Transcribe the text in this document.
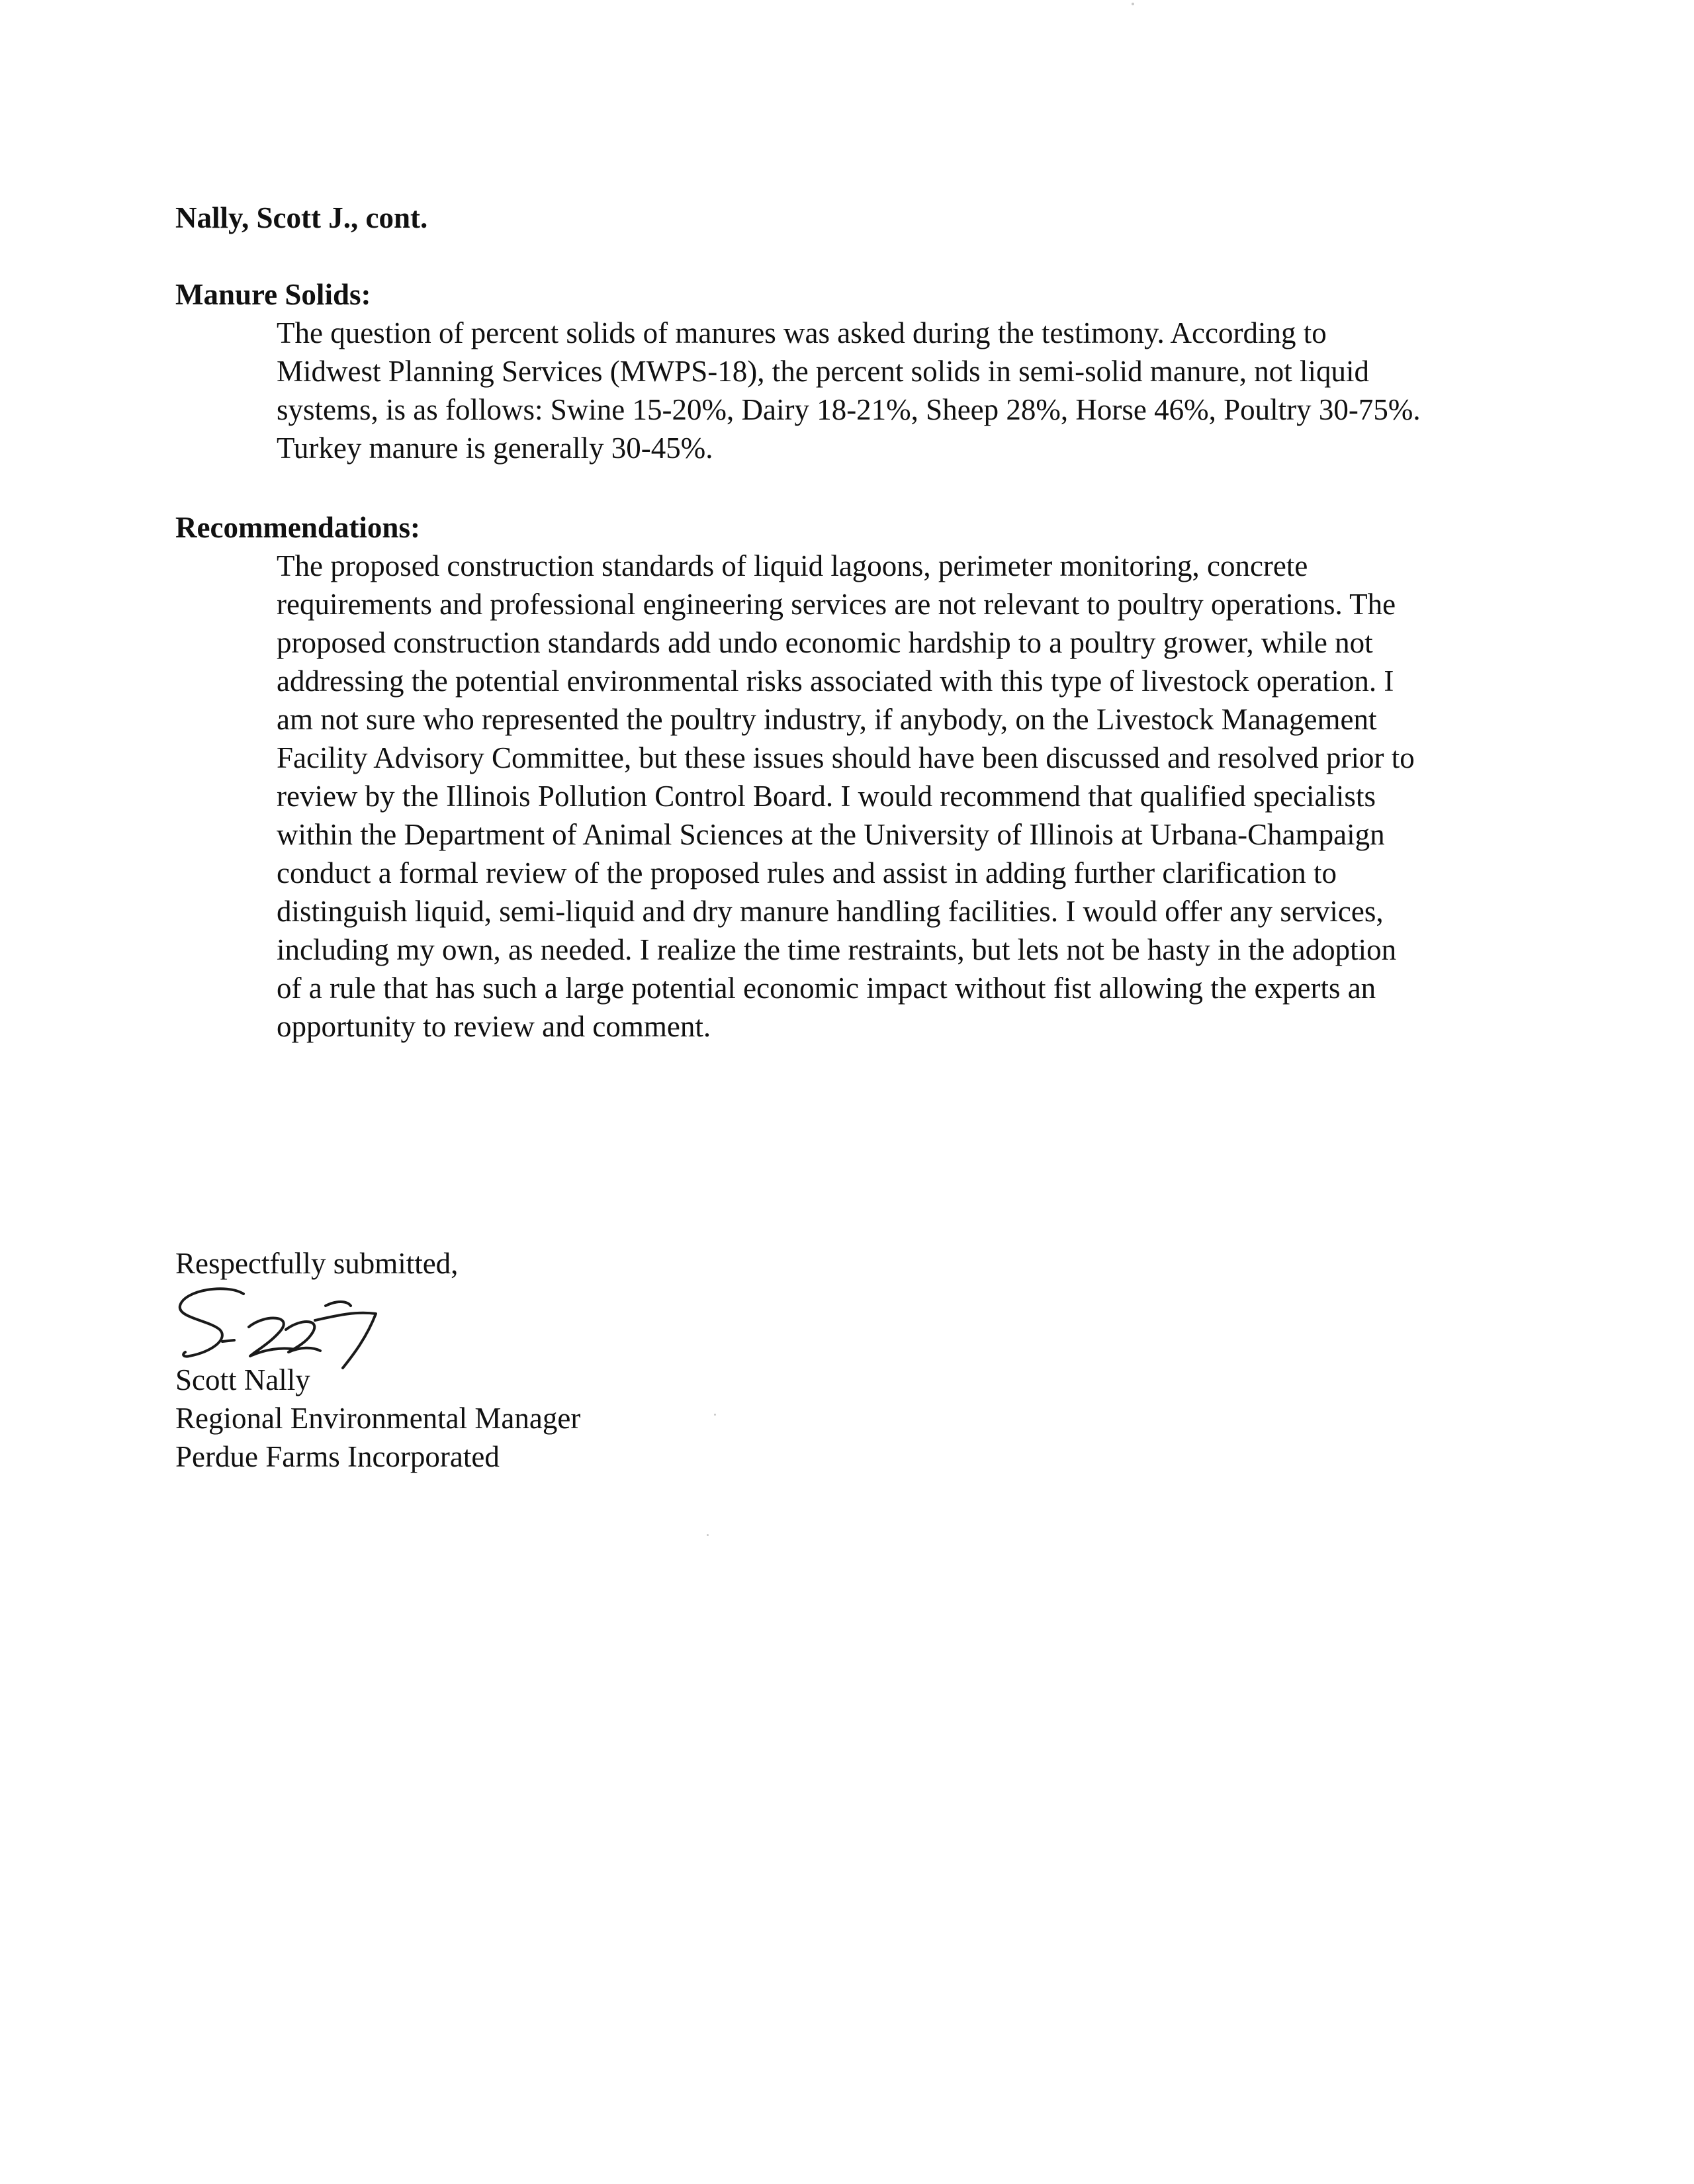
Nally, Scott J., cont.
Manure Solids:
The question of percent solids of manures was asked during the testimony. According to
Midwest Planning Services (MWPS-18), the percent solids in semi-solid manure, not liquid
systems, is as follows: Swine 15-20%, Dairy 18-21%, Sheep 28%, Horse 46%, Poultry 30-75%.
Turkey manure is generally 30-45%.
Recommendations:
The proposed construction standards of liquid lagoons, perimeter monitoring, concrete
requirements and professional engineering services are not relevant to poultry operations. The
proposed construction standards add undo economic hardship to a poultry grower, while not
addressing the potential environmental risks associated with this type of livestock operation. I
am not sure who represented the poultry industry, if anybody, on the Livestock Management
Facility Advisory Committee, but these issues should have been discussed and resolved prior to
review by the Illinois Pollution Control Board. I would recommend that qualified specialists
within the Department of Animal Sciences at the University of Illinois at Urbana-Champaign
conduct a formal review of the proposed rules and assist in adding further clarification to
distinguish liquid, semi-liquid and dry manure handling facilities. I would offer any services,
including my own, as needed. I realize the time restraints, but lets not be hasty in the adoption
of a rule that has such a large potential economic impact without fist allowing the experts an
opportunity to review and comment.
Respectfully submitted,
Scott Nally
Regional Environmental Manager
Perdue Farms Incorporated
